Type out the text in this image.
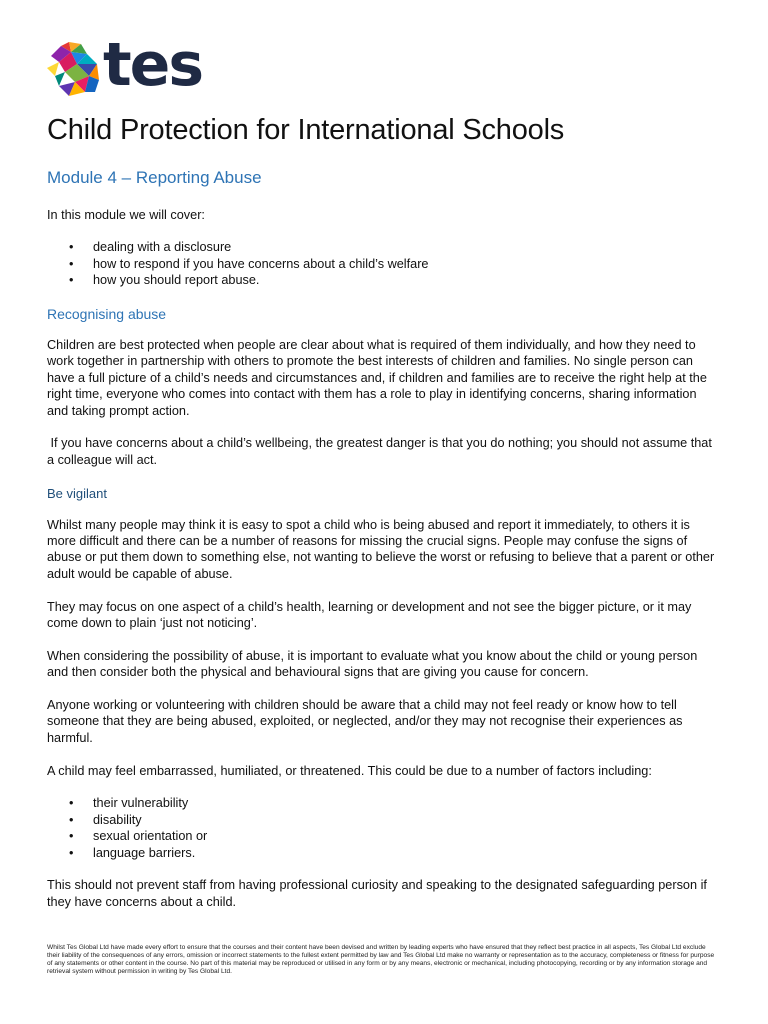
tes
Child Protection for International Schools
Module 4 – Reporting Abuse

In this module we will cover:

• dealing with a disclosure
• how to respond if you have concerns about a child’s welfare
• how you should report abuse.
Recognising abuse

Children are best protected when people are clear about what is required of them individually, and how they need to work together in partnership with others to promote the best interests of children and families. No single person can have a full picture of a child’s needs and circumstances and, if children and families are to receive the right help at the right time, everyone who comes into contact with them has a role to play in identifying concerns, sharing information and taking prompt action.

If you have concerns about a child’s wellbeing, the greatest danger is that you do nothing; you should not assume that a colleague will act.

Be vigilant

Whilst many people may think it is easy to spot a child who is being abused and report it immediately, to others it is more difficult and there can be a number of reasons for missing the crucial signs. People may confuse the signs of abuse or put them down to something else, not wanting to believe the worst or refusing to believe that a parent or other adult would be capable of abuse.

They may focus on one aspect of a child’s health, learning or development and not see the bigger picture, or it may come down to plain ‘just not noticing’.

When considering the possibility of abuse, it is important to evaluate what you know about the child or young person and then consider both the physical and behavioural signs that are giving you cause for concern.

Anyone working or volunteering with children should be aware that a child may not feel ready or know how to tell someone that they are being abused, exploited, or neglected, and/or they may not recognise their experiences as harmful.

A child may feel embarrassed, humiliated, or threatened. This could be due to a number of factors including:

• their vulnerability
• disability
• sexual orientation or
• language barriers.

This should not prevent staff from having professional curiosity and speaking to the designated safeguarding person if they have concerns about a child.

Whilst Tes Global Ltd have made every effort to ensure that the courses and their content have been devised and written by leading experts who have ensured that they reflect best practice in all aspects, Tes Global Ltd exclude their liability of the consequences of any errors, omission or incorrect statements to the fullest extent permitted by law and Tes Global Ltd make no warranty or representation as to the accuracy, completeness or fitness for purpose of any statements or other content in the course. No part of this material may be reproduced or utilised in any form or by any means, electronic or mechanical, including photocopying, recording or by any information storage and retrieval system without permission in writing by Tes Global Ltd.
